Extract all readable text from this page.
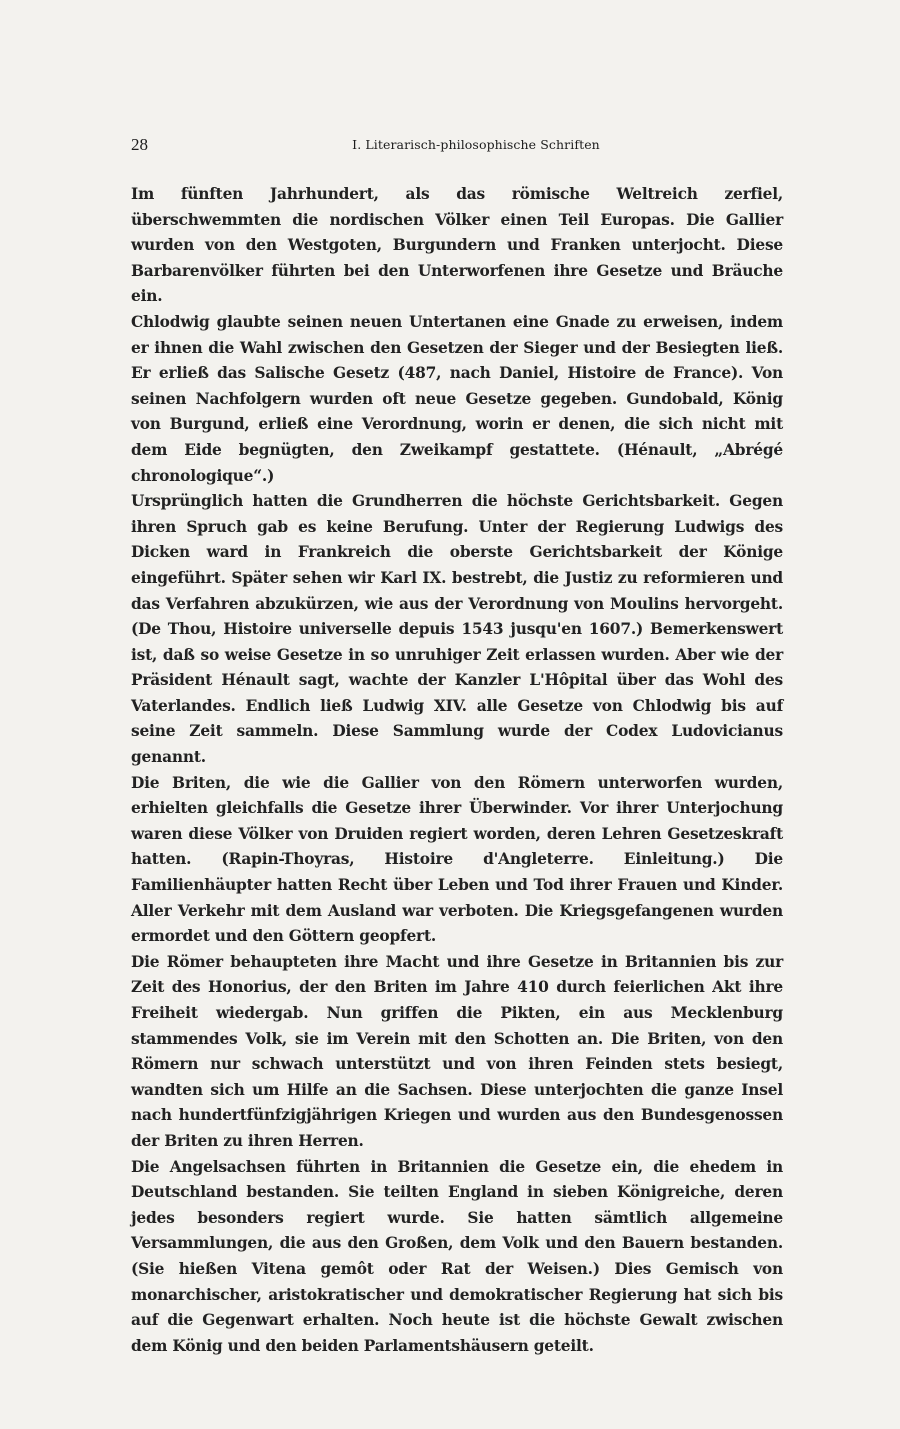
28	I. Literarisch-philosophische Schriften

Im fünften Jahrhundert, als das römische Weltreich zerfiel, überschwemmten die nordischen Völker einen Teil Europas. Die Gallier wurden von den Westgoten, Burgundern und Franken unterjocht. Diese Barbarenvölker führten bei den Unterworfenen ihre Gesetze und Bräuche ein.

Chlodwig glaubte seinen neuen Untertanen eine Gnade zu erweisen, indem er ihnen die Wahl zwischen den Gesetzen der Sieger und der Besiegten ließ. Er erließ das Salische Gesetz (487, nach Daniel, Histoire de France). Von seinen Nachfolgern wurden oft neue Gesetze gegeben. Gundobald, König von Burgund, erließ eine Verordnung, worin er denen, die sich nicht mit dem Eide begnügten, den Zweikampf gestattete. (Hénault, „Abrégé chronologique“.)

Ursprünglich hatten die Grundherren die höchste Gerichtsbarkeit. Gegen ihren Spruch gab es keine Berufung. Unter der Regierung Ludwigs des Dicken ward in Frankreich die oberste Gerichtsbarkeit der Könige eingeführt. Später sehen wir Karl IX. bestrebt, die Justiz zu reformieren und das Verfahren abzukürzen, wie aus der Verordnung von Moulins hervorgeht. (De Thou, Histoire universelle depuis 1543 jusqu'en 1607.) Bemerkenswert ist, daß so weise Gesetze in so unruhiger Zeit erlassen wurden. Aber wie der Präsident Hénault sagt, wachte der Kanzler L'Hôpital über das Wohl des Vaterlandes. Endlich ließ Ludwig XIV. alle Gesetze von Chlodwig bis auf seine Zeit sammeln. Diese Sammlung wurde der Codex Ludovicianus genannt.

Die Briten, die wie die Gallier von den Römern unterworfen wurden, erhielten gleichfalls die Gesetze ihrer Überwinder. Vor ihrer Unterjochung waren diese Völker von Druiden regiert worden, deren Lehren Gesetzeskraft hatten. (Rapin-Thoyras, Histoire d'Angleterre. Einleitung.) Die Familienhäupter hatten Recht über Leben und Tod ihrer Frauen und Kinder. Aller Verkehr mit dem Ausland war verboten. Die Kriegsgefangenen wurden ermordet und den Göttern geopfert.

Die Römer behaupteten ihre Macht und ihre Gesetze in Britannien bis zur Zeit des Honorius, der den Briten im Jahre 410 durch feierlichen Akt ihre Freiheit wiedergab. Nun griffen die Pikten, ein aus Mecklenburg stammendes Volk, sie im Verein mit den Schotten an. Die Briten, von den Römern nur schwach unterstützt und von ihren Feinden stets besiegt, wandten sich um Hilfe an die Sachsen. Diese unterjochten die ganze Insel nach hundertfünfzigjährigen Kriegen und wurden aus den Bundesgenossen der Briten zu ihren Herren.

Die Angelsachsen führten in Britannien die Gesetze ein, die ehedem in Deutschland bestanden. Sie teilten England in sieben Königreiche, deren jedes besonders regiert wurde. Sie hatten sämtlich allgemeine Versammlungen, die aus den Großen, dem Volk und den Bauern bestanden. (Sie hießen Vitena gemôt oder Rat der Weisen.) Dies Gemisch von monarchischer, aristokratischer und demokratischer Regierung hat sich bis auf die Gegenwart erhalten. Noch heute ist die höchste Gewalt zwischen dem König und den beiden Parlamentshäusern geteilt.
